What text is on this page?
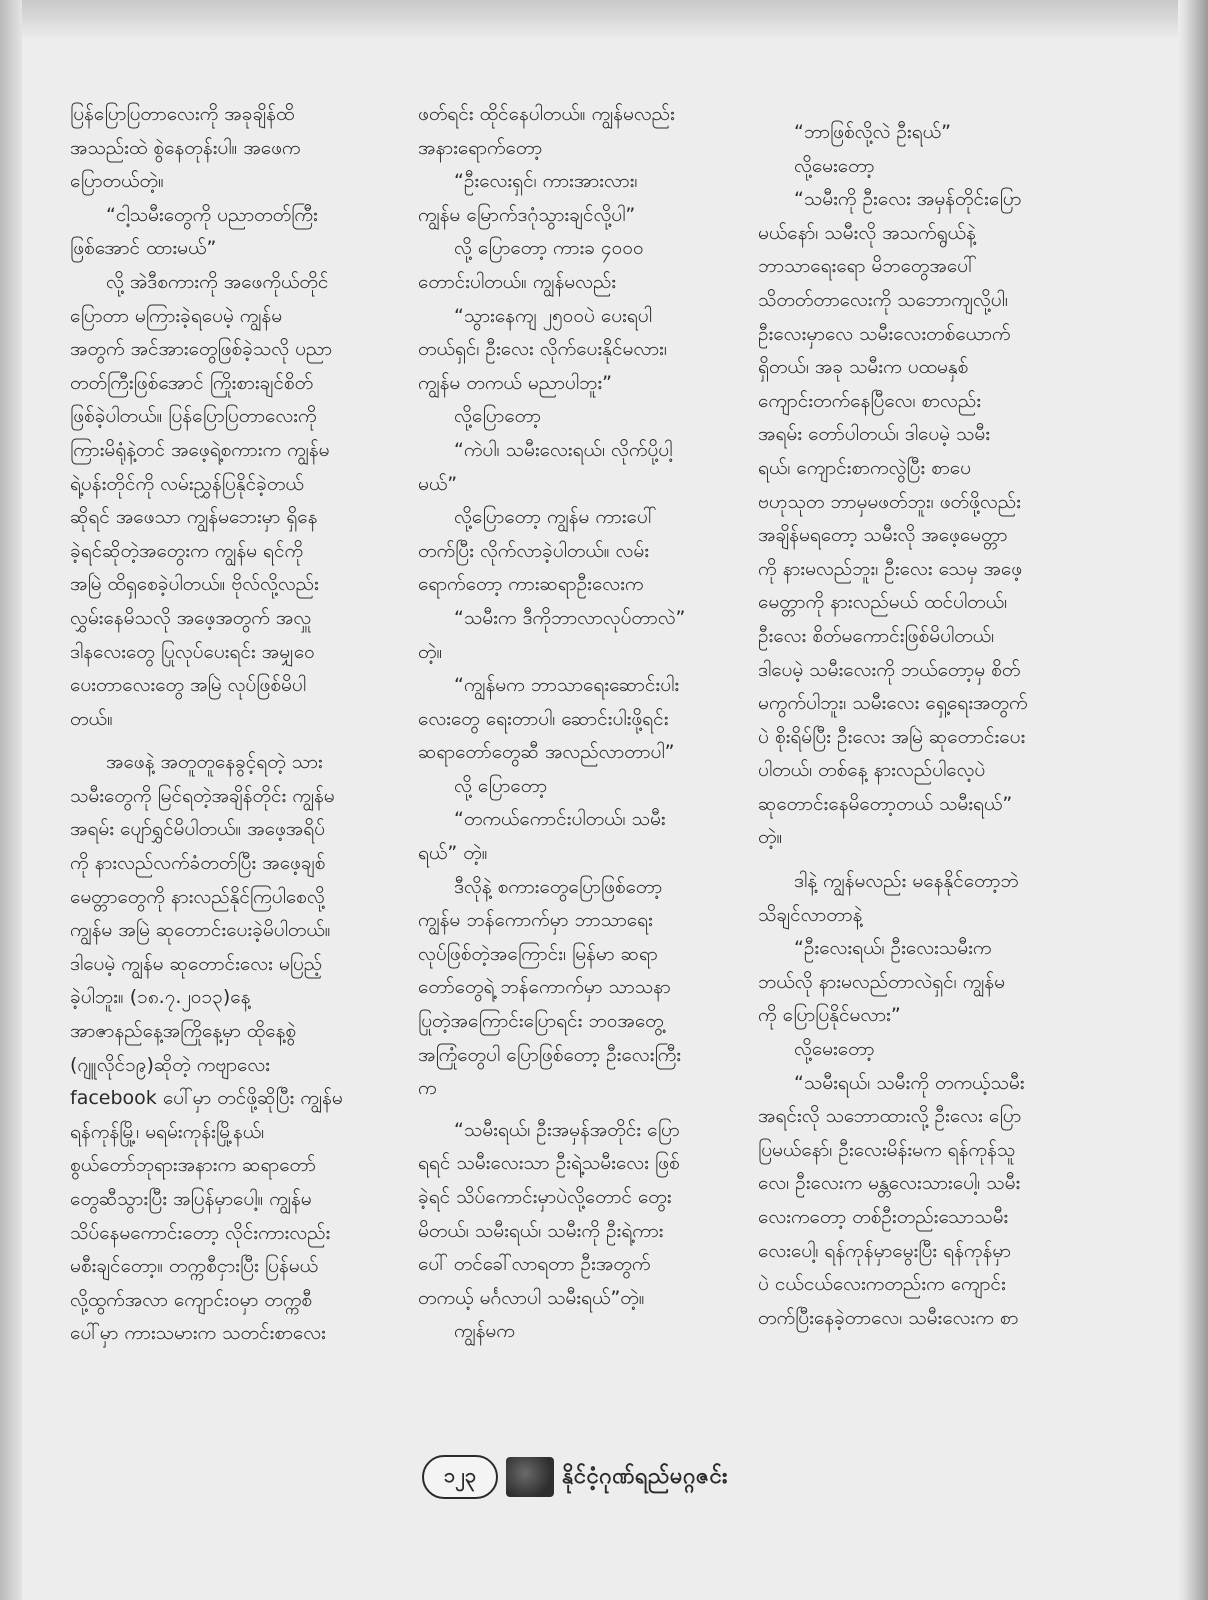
ပြန်ပြောပြတာလေးကို အခုချိန်ထိ
အသည်းထဲ စွဲနေတုန်းပါ။ အဖေက
ပြောတယ်တဲ့။

“ငါ့သမီးတွေကို ပညာတတ်ကြီး
ဖြစ်အောင် ထားမယ်”

လို့ အဲဒီစကားကို အဖေကိုယ်တိုင်
ပြောတာ မကြားခဲ့ရပေမဲ့ ကျွန်မ
အတွက် အင်အားတွေဖြစ်ခဲ့သလို ပညာ
တတ်ကြီးဖြစ်အောင် ကြိုးစားချင်စိတ်
ဖြစ်ခဲ့ပါတယ်။ ပြန်ပြောပြတာလေးကို
ကြားမိရုံနဲ့တင် အဖေ့ရဲ့စကားက ကျွန်မ
ရဲ့ပန်းတိုင်ကို လမ်းညွှန်ပြနိုင်ခဲ့တယ်
ဆိုရင် အဖေသာ ကျွန်မဘေးမှာ ရှိနေ
ခဲ့ရင်ဆိုတဲ့အတွေးက ကျွန်မ ရင်ကို
အမြဲ ထိရှစေခဲ့ပါတယ်။ ဗိုလ်လို့လည်း
လွှမ်းနေမိသလို အဖေ့အတွက် အလှူ
ဒါနလေးတွေ ပြုလုပ်ပေးရင်း အမျှဝေ
ပေးတာလေးတွေ အမြဲ လုပ်ဖြစ်မိပါ
တယ်။

အဖေနဲ့ အတူတူနေခွင့်ရတဲ့ သား
သမီးတွေကို မြင်ရတဲ့အချိန်တိုင်း ကျွန်မ
အရမ်း ပျော်ရွှင်မိပါတယ်။ အဖေ့အရိပ်
ကို နားလည်လက်ခံတတ်ပြီး အဖေ့ချစ်
မေတ္တာတွေကို နားလည်နိုင်ကြပါစေလို့
ကျွန်မ အမြဲ ဆုတောင်းပေးခဲ့မိပါတယ်။
ဒါပေမဲ့ ကျွန်မ ဆုတောင်းလေး မပြည့်
ခဲ့ပါဘူး။ (၁၈.၇.၂၀၁၃)နေ့
အာဇာနည်နေ့အကြိုနေ့မှာ ထိုနေ့စွဲ
(ဂျူလိုင်၁၉)ဆိုတဲ့ ကဗျာလေး
facebook ပေါ်မှာ တင်ဖို့ဆိုပြီး ကျွန်မ
ရန်ကုန်မြို့၊ မရမ်းကုန်းမြို့နယ်၊
စွယ်တော်ဘုရားအနားက ဆရာတော်
တွေဆီသွားပြီး အပြန်မှာပေါ့။ ကျွန်မ
သိပ်နေမကောင်းတော့ လိုင်းကားလည်း
မစီးချင်တော့။ တက္ကစီငှားပြီး ပြန်မယ်
လို့ထွက်အလာ ကျောင်းဝမှာ တက္ကစီ
ပေါ်မှာ ကားသမားက သတင်းစာလေး

ဖတ်ရင်း ထိုင်နေပါတယ်။ ကျွန်မလည်း
အနားရောက်တော့

“ဦးလေးရှင်၊ ကားအားလား၊
ကျွန်မ မြောက်ဒဂုံသွားချင်လို့ပါ”

လို့ ပြောတော့ ကားခ ၄၀၀၀
တောင်းပါတယ်။ ကျွန်မလည်း

“သွားနေကျ ၂၅၀၀ပဲ ပေးရပါ
တယ်ရှင်၊ ဦးလေး လိုက်ပေးနိုင်မလား၊
ကျွန်မ တကယ် မညာပါဘူး”

လို့ပြောတော့

“ကဲပါ၊ သမီးလေးရယ်၊ လိုက်ပို့ပါ့
မယ်”

လို့ပြောတော့ ကျွန်မ ကားပေါ်
တက်ပြီး လိုက်လာခဲ့ပါတယ်။ လမ်း
ရောက်တော့ ကားဆရာဦးလေးက

“သမီးက ဒီကိုဘာလာလုပ်တာလဲ”
တဲ့။

“ကျွန်မက ဘာသာရေးဆောင်းပါး
လေးတွေ ရေးတာပါ၊ ဆောင်းပါးဖို့ရင်း
ဆရာတော်တွေဆီ အလည်လာတာပါ”

လို့ ပြောတော့

“တကယ်ကောင်းပါတယ်၊ သမီး
ရယ်” တဲ့။

ဒီလိုနဲ့ စကားတွေပြောဖြစ်တော့
ကျွန်မ ဘန်ကောက်မှာ ဘာသာရေး
လုပ်ဖြစ်တဲ့အကြောင်း၊ မြန်မာ ဆရာ
တော်တွေရဲ့ ဘန်ကောက်မှာ သာသနာ
ပြုတဲ့အကြောင်းပြောရင်း ဘဝအတွေ့
အကြုံတွေပါ ပြောဖြစ်တော့ ဦးလေးကြီး
က

“သမီးရယ်၊ ဦးအမှန်အတိုင်း ပြော
ရရင် သမီးလေးသာ ဦးရဲ့သမီးလေး ဖြစ်
ခဲ့ရင် သိပ်ကောင်းမှာပဲလို့တောင် တွေး
မိတယ်၊ သမီးရယ်၊ သမီးကို ဦးရဲ့ကား
ပေါ် တင်ခေါ်လာရတာ ဦးအတွက်
တကယ့် မင်္ဂလာပါ သမီးရယ်”တဲ့။

ကျွန်မက

“ဘာဖြစ်လို့လဲ ဦးရယ်”

လို့မေးတော့

“သမီးကို ဦးလေး အမှန်တိုင်းပြော
မယ်နော်၊ သမီးလို အသက်ရွယ်နဲ့
ဘာသာရေးရော မိဘတွေအပေါ်
သိတတ်တာလေးကို သဘောကျလို့ပါ၊
ဦးလေးမှာလေ သမီးလေးတစ်ယောက်
ရှိတယ်၊ အခု သမီးက ပထမနှစ်
ကျောင်းတက်နေပြီလေ၊ စာလည်း
အရမ်း တော်ပါတယ်၊ ဒါပေမဲ့ သမီး
ရယ်၊ ကျောင်းစာကလွဲပြီး စာပေ
ဗဟုသုတ ဘာမှမဖတ်ဘူး၊ ဖတ်ဖို့လည်း
အချိန်မရတော့ သမီးလို အဖေ့မေတ္တာ
ကို နားမလည်ဘူး၊ ဦးလေး သေမှ အဖေ့
မေတ္တာကို နားလည်မယ် ထင်ပါတယ်၊
ဦးလေး စိတ်မကောင်းဖြစ်မိပါတယ်၊
ဒါပေမဲ့ သမီးလေးကို ဘယ်တော့မှ စိတ်
မကွက်ပါဘူး၊ သမီးလေး ရှေ့ရေးအတွက်
ပဲ စိုးရိမ်ပြီး ဦးလေး အမြဲ ဆုတောင်းပေး
ပါတယ်၊ တစ်နေ့ နားလည်ပါလေ့ပဲ
ဆုတောင်းနေမိတော့တယ် သမီးရယ်”
တဲ့။

ဒါနဲ့ ကျွန်မလည်း မနေနိုင်တော့ဘဲ
သိချင်လာတာနဲ့

“ဦးလေးရယ်၊ ဦးလေးသမီးက
ဘယ်လို နားမလည်တာလဲရှင်၊ ကျွန်မ
ကို ပြောပြနိုင်မလား”

လို့မေးတော့

“သမီးရယ်၊ သမီးကို တကယ့်သမီး
အရင်းလို သဘောထားလို့ ဦးလေး ပြော
ပြမယ်နော်၊ ဦးလေးမိန်းမက ရန်ကုန်သူ
လေ၊ ဦးလေးက မန္တလေးသားပေါ့၊ သမီး
လေးကတော့ တစ်ဦးတည်းသောသမီး
လေးပေါ့၊ ရန်ကုန်မှာမွေးပြီး ရန်ကုန်မှာ
ပဲ ငယ်ငယ်လေးကတည်းက ကျောင်း
တက်ပြီးနေခဲ့တာလေ၊ သမီးလေးက စာ

၁၂၃	နိုင်ငံ့ဂုဏ်ရည်မဂ္ဂဇင်း
